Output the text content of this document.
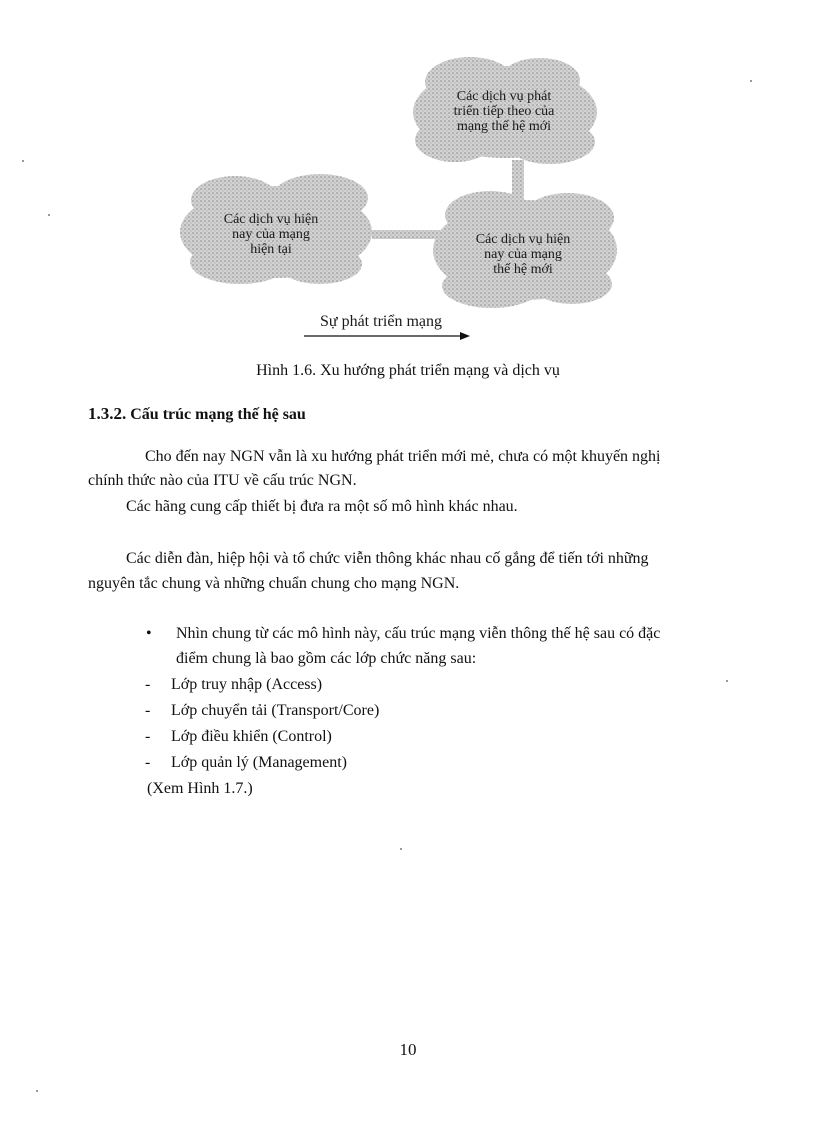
Các dịch vụ phát
triển tiếp theo của
mạng thế hệ mới
Các dịch vụ hiện
nay của mạng
hiện tại
Các dịch vụ hiện
nay của mạng
thế hệ mới
Sự phát triển mạng
Hình 1.6. Xu hướng phát triển mạng và dịch vụ
1.3.2. Cấu trúc mạng thế hệ sau
Cho đến nay NGN vẫn là xu hướng phát triển mới mẻ, chưa có một khuyến nghị
chính thức nào của ITU về cấu trúc NGN.
Các hãng cung cấp thiết bị đưa ra một số mô hình khác nhau.
Các diễn đàn, hiệp hội và tổ chức viễn thông khác nhau cố gắng để tiến tới những
nguyên tắc chung và những chuẩn chung cho mạng NGN.
• Nhìn chung từ các mô hình này, cấu trúc mạng viễn thông thế hệ sau có đặc
điểm chung là bao gồm các lớp chức năng sau:
- Lớp truy nhập (Access)
- Lớp chuyển tải (Transport/Core)
- Lớp điều khiển (Control)
- Lớp quản lý (Management)
(Xem Hình 1.7.)
10
